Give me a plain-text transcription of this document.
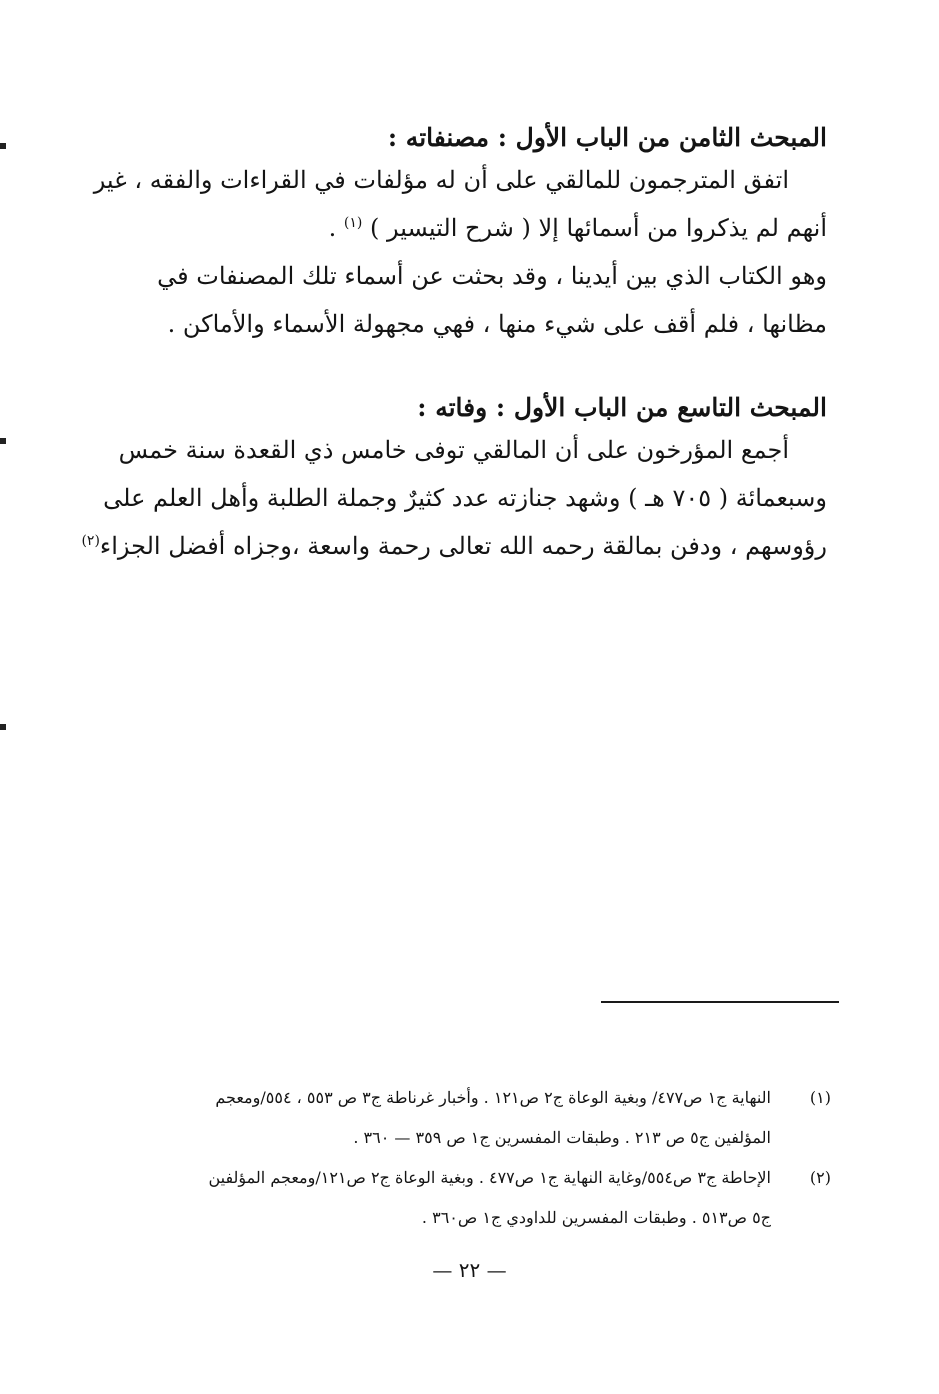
المبحث الثامن من الباب الأول : مصنفاته :
اتفق المترجمون للمالقي على أن له مؤلفات في القراءات والفقه ، غير
أنهم لم يذكروا من أسمائها إلا ( شرح التيسير ) $^{(١)}$ .
وهو الكتاب الذي بين أيدينا ، وقد بحثت عن أسماء تلك المصنفات في
مظانها ، فلم أقف على شيء منها ، فهي مجهولة الأسماء والأماكن .
المبحث التاسع من الباب الأول : وفاته :
أجمع المؤرخون على أن المالقي توفى خامس ذي القعدة سنة خمس
وسبعمائة ( ٧٠٥ هـ ) وشهد جنازته عدد كثيرٌ وجملة الطلبة وأهل العلم على
رؤوسهم ، ودفن بمالقة رحمه الله تعالى رحمة واسعة ،وجزاه أفضل الجزاء$^{(٢)}$
(١)
النهاية ج١ ص٤٧٧/ وبغية الوعاة ج٢ ص١٢١ . وأخبار غرناطة ج٣ ص ٥٥٣ ، ٥٥٤/ومعجم
المؤلفين ج٥ ص ٢١٣ . وطبقات المفسرين ج١ ص ٣٥٩ — ٣٦٠ .
(٢)
الإحاطة ج٣ ص٥٥٤/وغاية النهاية ج١ ص٤٧٧ . وبغية الوعاة ج٢ ص١٢١/ومعجم المؤلفين
ج٥ ص٥١٣ . وطبقات المفسرين للداودي ج١ ص٣٦٠ .
— ٢٢ —
